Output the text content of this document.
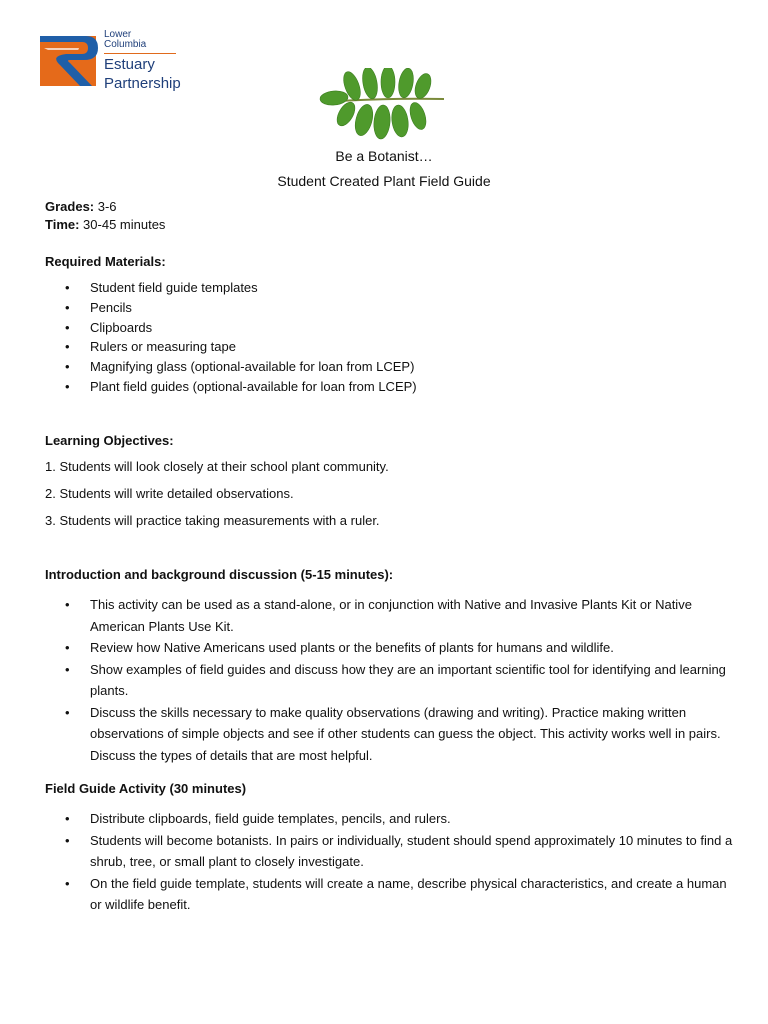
Lower Columbia
Estuary
Partnership
Be a Botanist…
Student Created Plant Field Guide
Grades: 3-6
Time: 30-45 minutes
Required Materials:
• Student field guide templates
• Pencils
• Clipboards
• Rulers or measuring tape
• Magnifying glass (optional-available for loan from LCEP)
• Plant field guides (optional-available for loan from LCEP)
Learning Objectives:
1. Students will look closely at their school plant community.
2. Students will write detailed observations.
3. Students will practice taking measurements with a ruler.
Introduction and background discussion (5-15 minutes):
• This activity can be used as a stand-alone, or in conjunction with Native and Invasive Plants Kit or Native American Plants Use Kit.
• Review how Native Americans used plants or the benefits of plants for humans and wildlife.
• Show examples of field guides and discuss how they are an important scientific tool for identifying and learning plants.
• Discuss the skills necessary to make quality observations (drawing and writing). Practice making written observations of simple objects and see if other students can guess the object. This activity works well in pairs. Discuss the types of details that are most helpful.
Field Guide Activity (30 minutes)
• Distribute clipboards, field guide templates, pencils, and rulers.
• Students will become botanists. In pairs or individually, student should spend approximately 10 minutes to find a shrub, tree, or small plant to closely investigate.
• On the field guide template, students will create a name, describe physical characteristics, and create a human or wildlife benefit.
